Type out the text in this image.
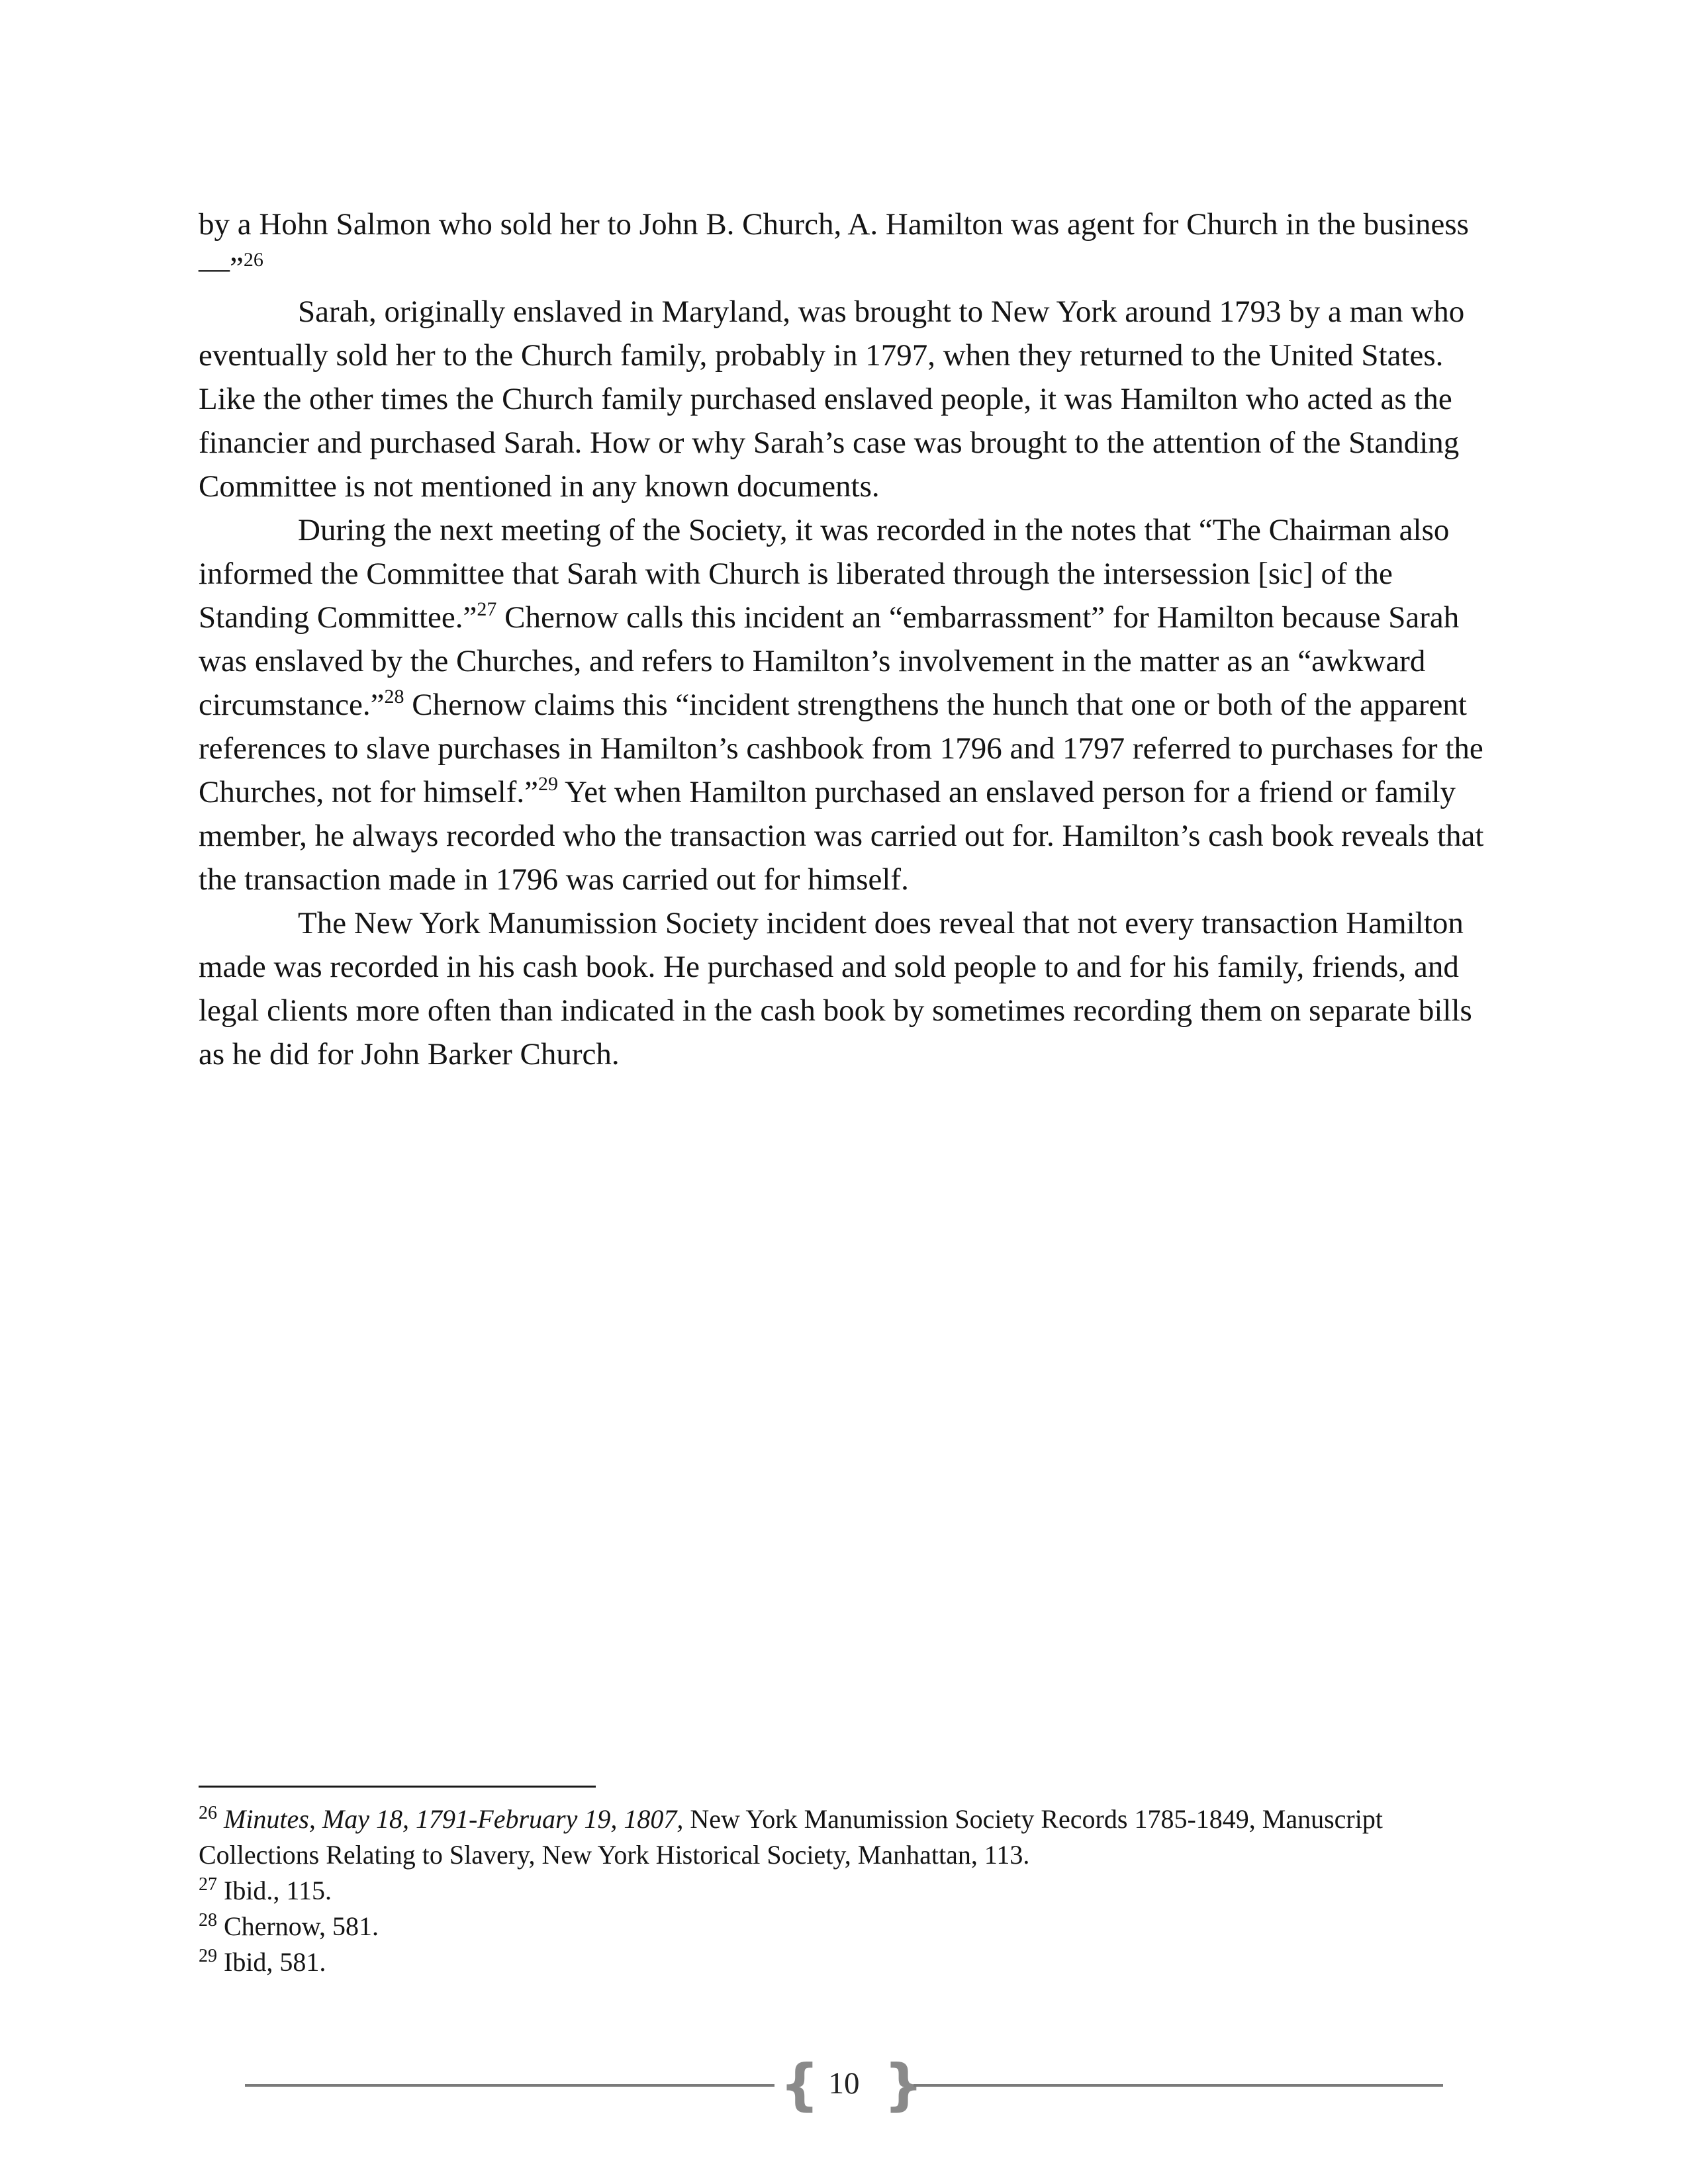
by a Hohn Salmon who sold her to John B. Church, A. Hamilton was agent for Church in the business—”$^{26}$

Sarah, originally enslaved in Maryland, was brought to New York around 1793 by a man who eventually sold her to the Church family, probably in 1797, when they returned to the United States. Like the other times the Church family purchased enslaved people, it was Hamilton who acted as the financier and purchased Sarah. How or why Sarah’s case was brought to the attention of the Standing Committee is not mentioned in any known documents.

During the next meeting of the Society, it was recorded in the notes that “The Chairman also informed the Committee that Sarah with Church is liberated through the intersession [sic] of the Standing Committee.”$^{27}$ Chernow calls this incident an “embarrassment” for Hamilton because Sarah was enslaved by the Churches, and refers to Hamilton’s involvement in the matter as an “awkward circumstance.”$^{28}$ Chernow claims this “incident strengthens the hunch that one or both of the apparent references to slave purchases in Hamilton’s cashbook from 1796 and 1797 referred to purchases for the Churches, not for himself.”$^{29}$ Yet when Hamilton purchased an enslaved person for a friend or family member, he always recorded who the transaction was carried out for. Hamilton’s cash book reveals that the transaction made in 1796 was carried out for himself.

The New York Manumission Society incident does reveal that not every transaction Hamilton made was recorded in his cash book. He purchased and sold people to and for his family, friends, and legal clients more often than indicated in the cash book by sometimes recording them on separate bills as he did for John Barker Church.

$^{26}$ Minutes, May 18, 1791-February 19, 1807, New York Manumission Society Records 1785-1849, Manuscript Collections Relating to Slavery, New York Historical Society, Manhattan, 113.

$^{27}$ Ibid., 115.

$^{28}$ Chernow, 581.

$^{29}$ Ibid, 581.

{ 10 }
